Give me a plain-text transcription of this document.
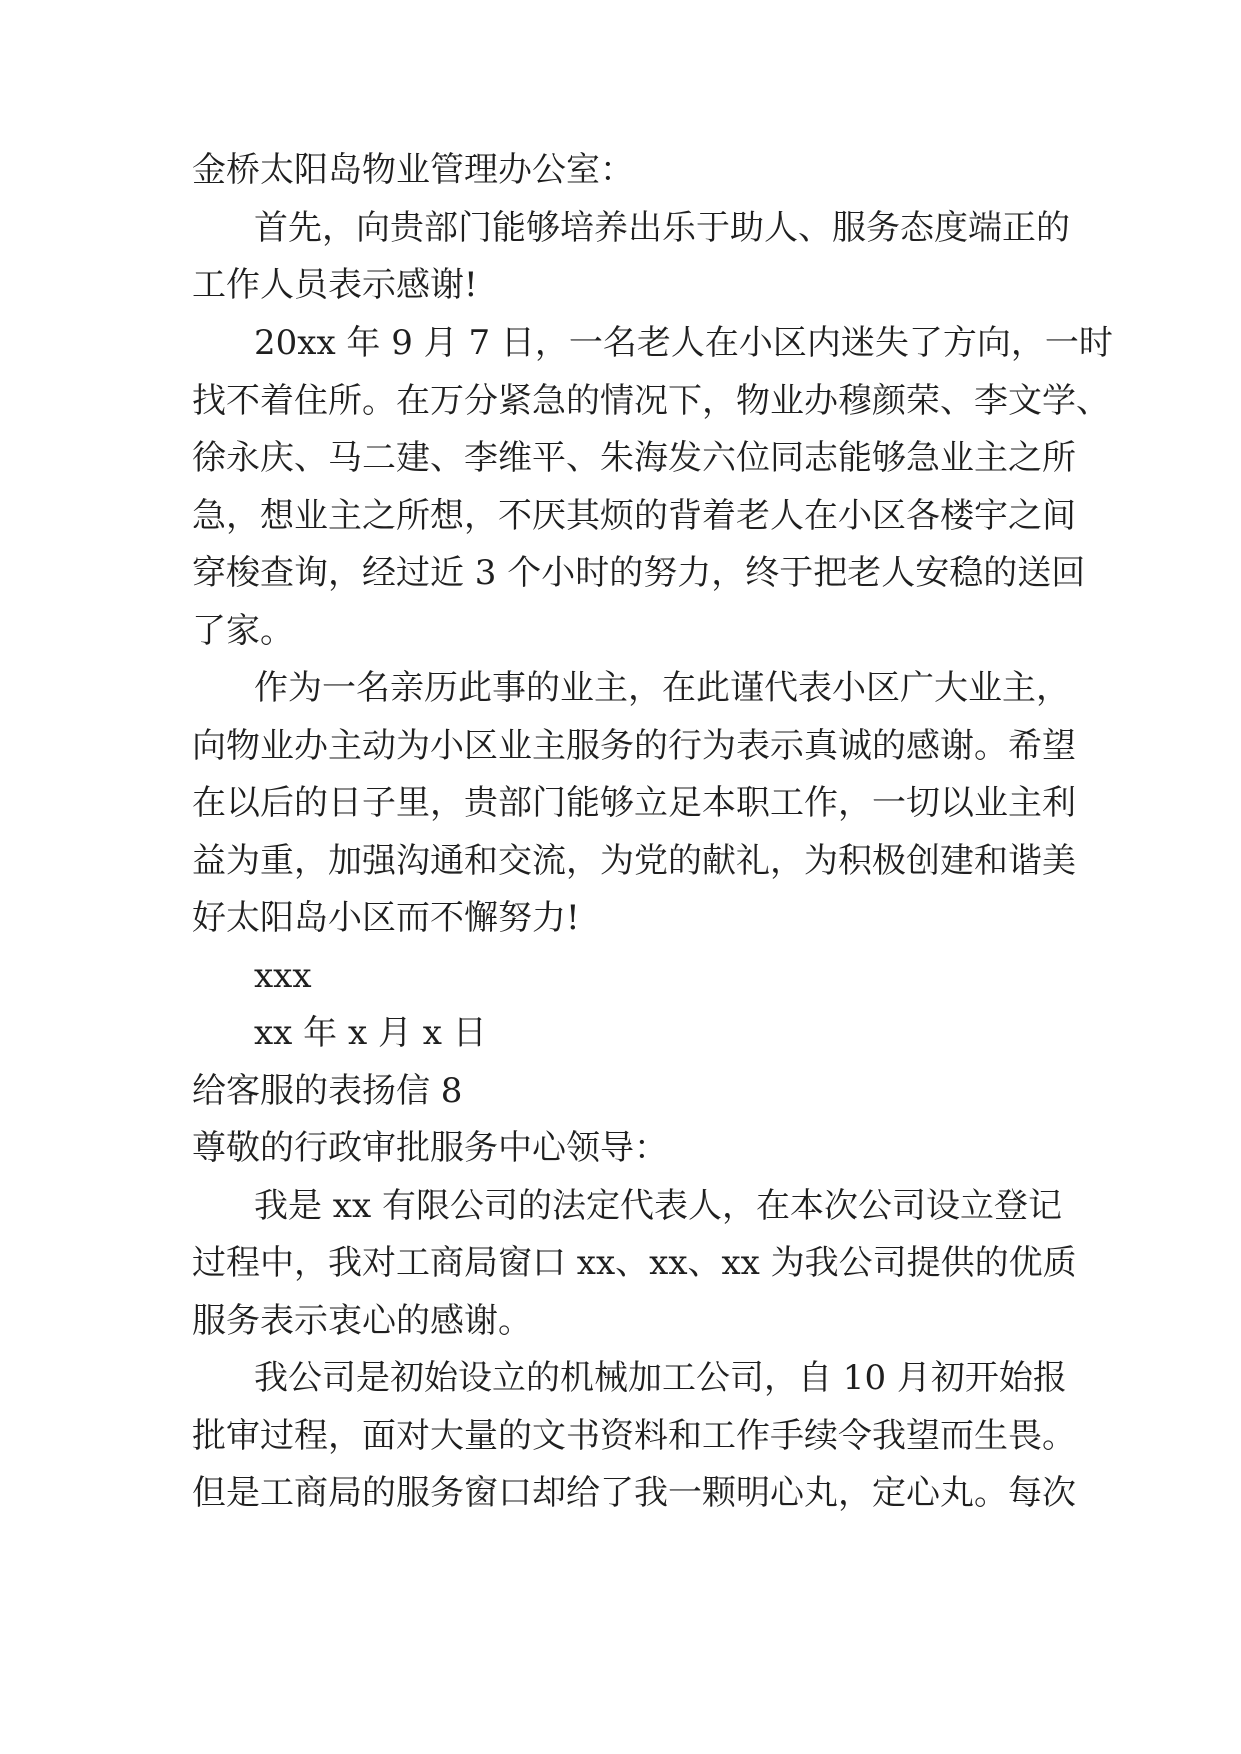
金桥太阳岛物业管理办公室：
首先，向贵部门能够培养出乐于助人、服务态度端正的
工作人员表示感谢!
20xx 年 9 月 7 日，一名老人在小区内迷失了方向，一时
找不着住所。在万分紧急的情况下，物业办穆颜荣、李文学、
徐永庆、马二建、李维平、朱海发六位同志能够急业主之所
急，想业主之所想，不厌其烦的背着老人在小区各楼宇之间
穿梭查询，经过近 3 个小时的努力，终于把老人安稳的送回
了家。
作为一名亲历此事的业主，在此谨代表小区广大业主，
向物业办主动为小区业主服务的行为表示真诚的感谢。希望
在以后的日子里，贵部门能够立足本职工作，一切以业主利
益为重，加强沟通和交流，为党的献礼，为积极创建和谐美
好太阳岛小区而不懈努力!
xxx
xx 年 x 月 x 日
给客服的表扬信 8
尊敬的行政审批服务中心领导：
我是 xx 有限公司的法定代表人，在本次公司设立登记
过程中，我对工商局窗口 xx、xx、xx 为我公司提供的优质
服务表示衷心的感谢。
我公司是初始设立的机械加工公司，自 10 月初开始报
批审过程，面对大量的文书资料和工作手续令我望而生畏。
但是工商局的服务窗口却给了我一颗明心丸，定心丸。每次
